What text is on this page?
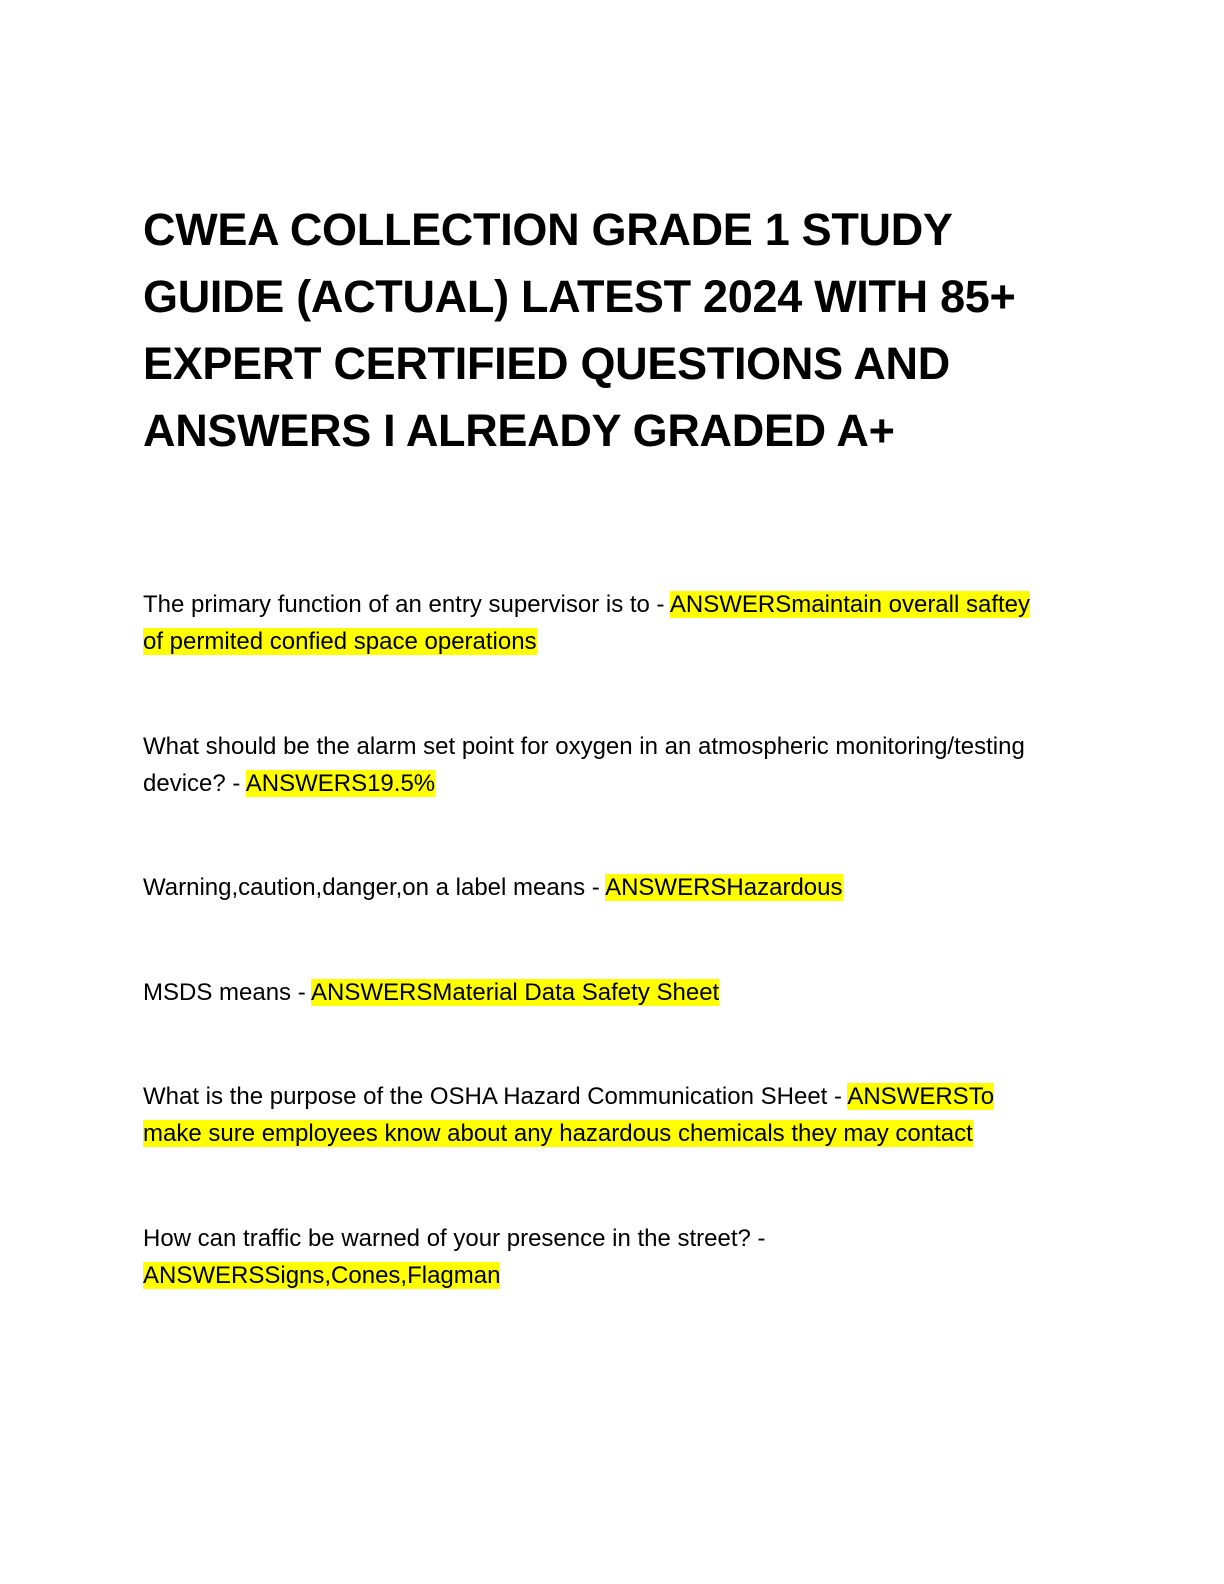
CWEA COLLECTION GRADE 1 STUDY GUIDE (ACTUAL) LATEST 2024 WITH 85+ EXPERT CERTIFIED QUESTIONS AND ANSWERS I ALREADY GRADED A+

The primary function of an entry supervisor is to - ANSWERSmaintain overall saftey of permited confied space operations

What should be the alarm set point for oxygen in an atmospheric monitoring/testing device? - ANSWERS19.5%

Warning,caution,danger,on a label means - ANSWERSHazardous

MSDS means - ANSWERSMaterial Data Safety Sheet

What is the purpose of the OSHA Hazard Communication SHeet - ANSWERSTo make sure employees know about any hazardous chemicals they may contact

How can traffic be warned of your presence in the street? - ANSWERSSigns,Cones,Flagman
